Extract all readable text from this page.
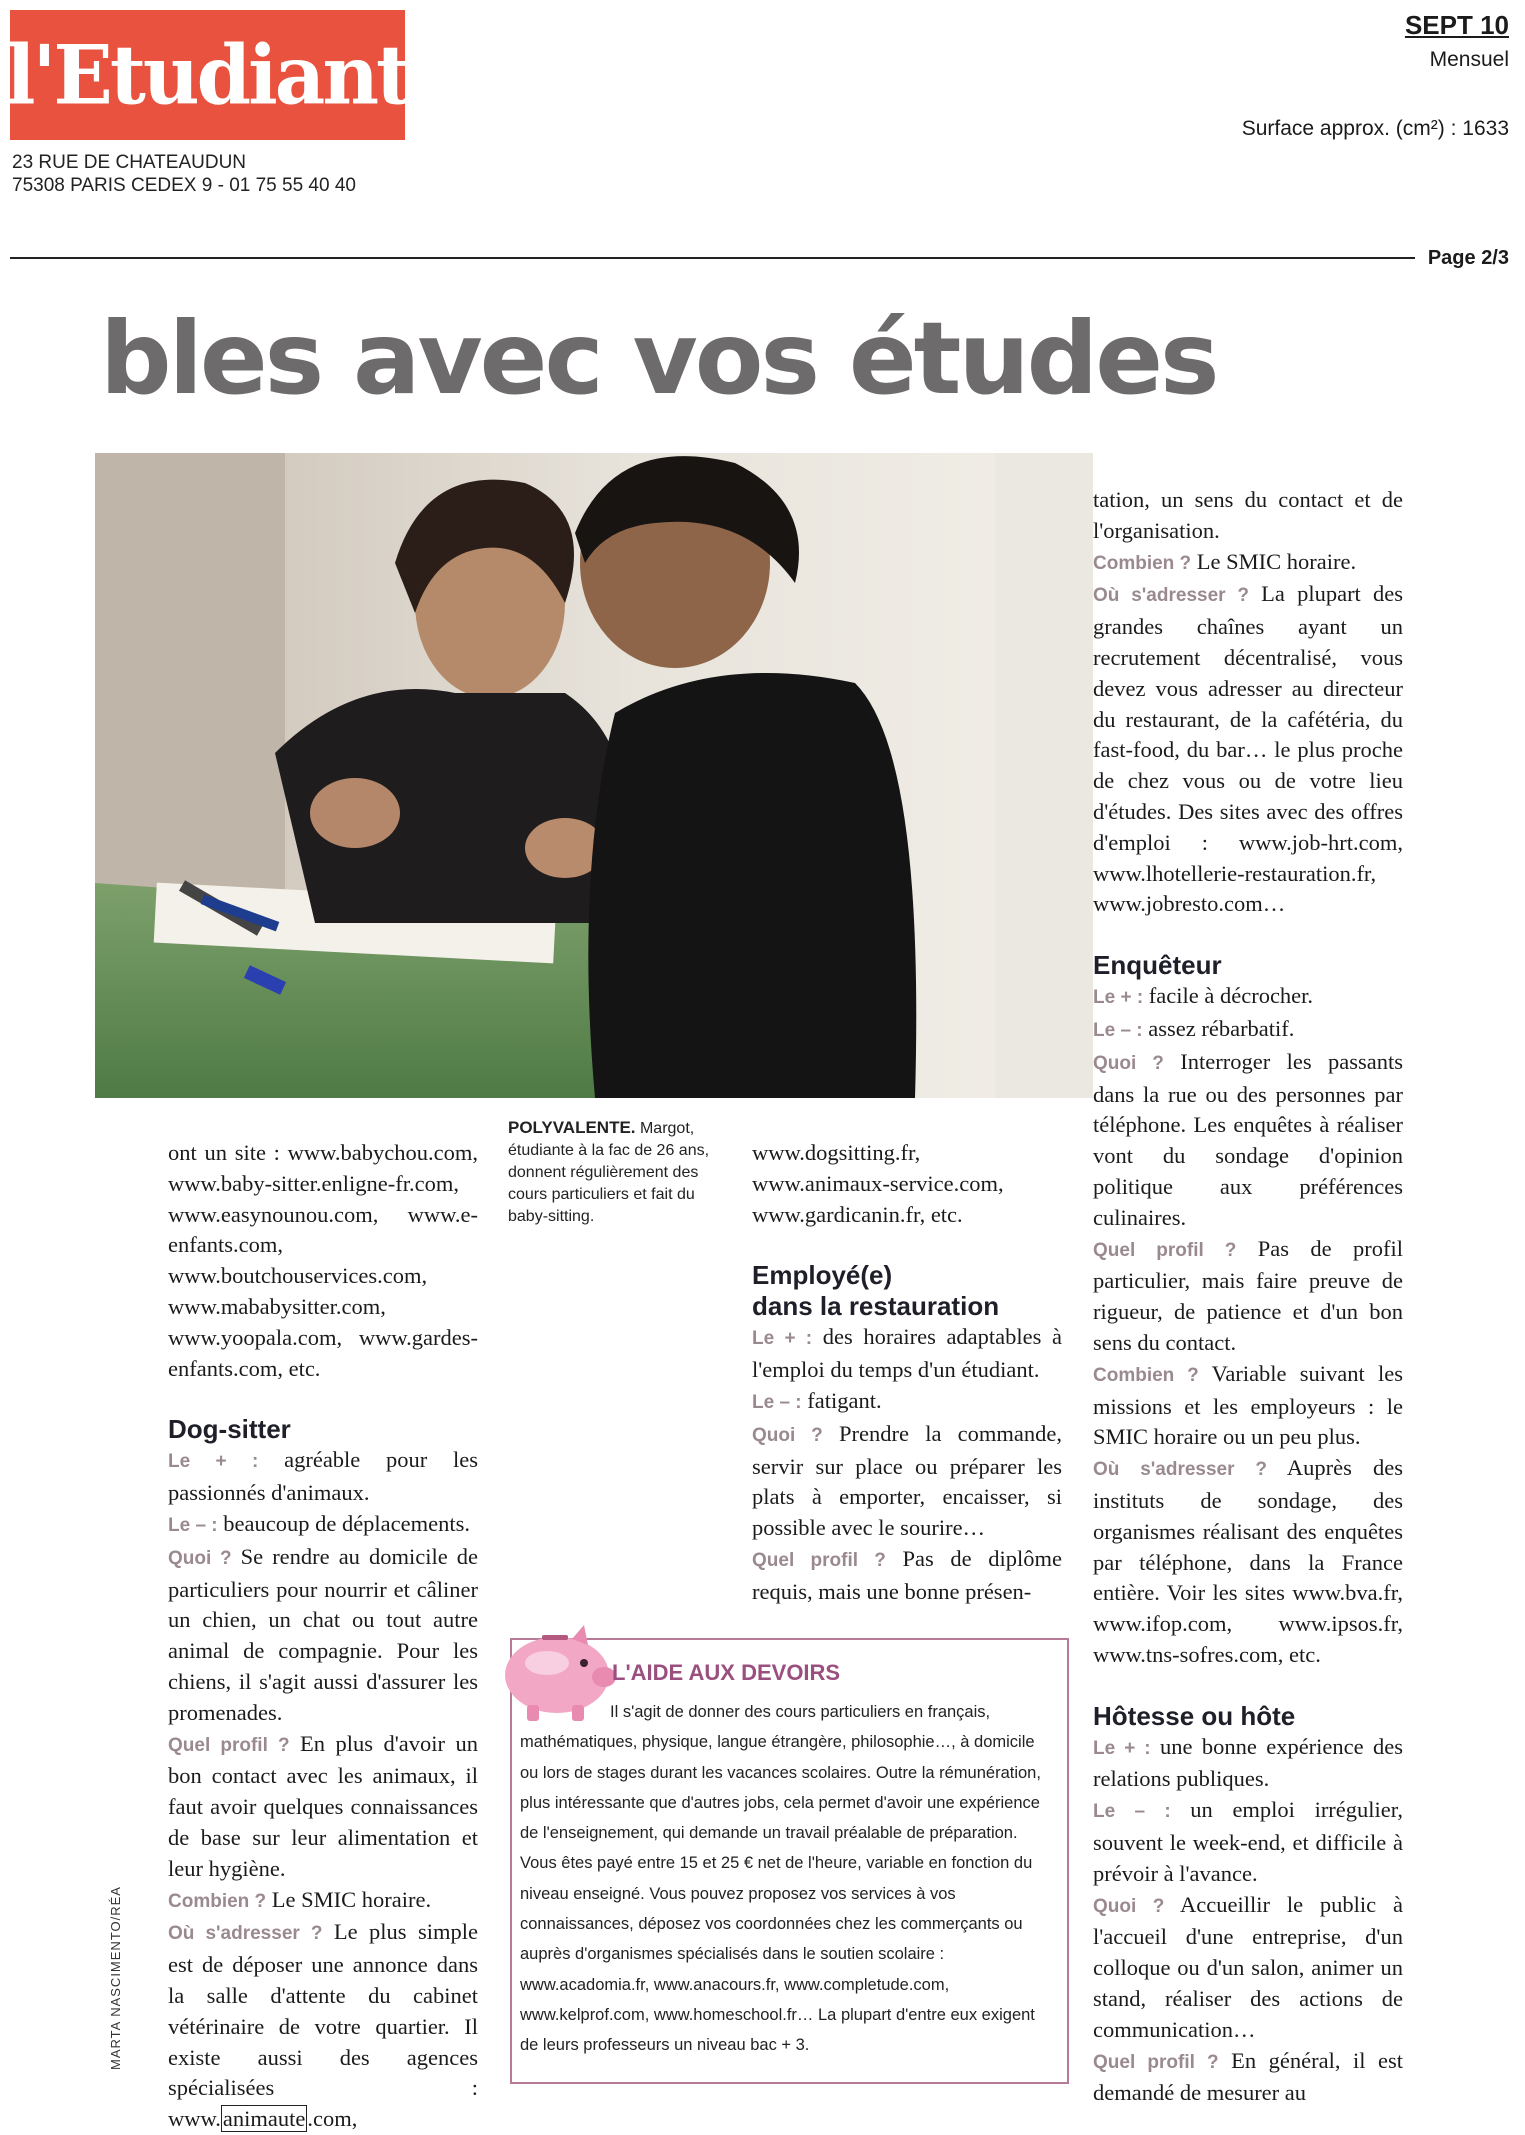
l'Etudiant
23 RUE DE CHATEAUDUN
75308 PARIS CEDEX 9 - 01 75 55 40 40
SEPT 10
Mensuel
Surface approx. (cm²) : 1633
Page 2/3
bles avec vos études
MARTA NASCIMENTO/RÉA
POLYVALENTE. Margot, étudiante à la fac de 26 ans, donnent régulièrement des cours particuliers et fait du baby-sitting.

ont un site : www.babychou.com, www.baby-sitter.enligne-fr.com, www.easynounou.com, www.e-enfants.com, www.boutchouservices.com, www.mababysitter.com, www.yoopala.com, www.gardes-enfants.com, etc.

Dog-sitter

Le + : agréable pour les passionnés d'animaux.

Le – : beaucoup de déplacements.

Quoi ? Se rendre au domicile de particuliers pour nourrir et câliner un chien, un chat ou tout autre animal de compagnie. Pour les chiens, il s'agit aussi d'assurer les promenades.

Quel profil ? En plus d'avoir un bon contact avec les animaux, il faut avoir quelques connaissances de base sur leur alimentation et leur hygiène.

Combien ? Le SMIC horaire.

Où s'adresser ? Le plus simple est de déposer une annonce dans la salle d'attente du cabinet vétérinaire de votre quartier. Il existe aussi des agences spécialisées : www.animaute.com,

www.dogsitting.fr, www.animaux-service.com, www.gardicanin.fr, etc.

Employé(e)

dans la restauration

Le + : des horaires adaptables à l'emploi du temps d'un étudiant.

Le – : fatigant.

Quoi ? Prendre la commande, servir sur place ou préparer les plats à emporter, encaisser, si possible avec le sourire…

Quel profil ? Pas de diplôme requis, mais une bonne présen-

tation, un sens du contact et de l'organisation.

Combien ? Le SMIC horaire.

Où s'adresser ? La plupart des grandes chaînes ayant un recrutement décentralisé, vous devez vous adresser au directeur du restaurant, de la cafétéria, du fast-food, du bar… le plus proche de chez vous ou de votre lieu d'études. Des sites avec des offres d'emploi : www.job-hrt.com, www.lhotellerie-restauration.fr, www.jobresto.com…

Enquêteur

Le + : facile à décrocher.

Le – : assez rébarbatif.

Quoi ? Interroger les passants dans la rue ou des personnes par téléphone. Les enquêtes à réaliser vont du sondage d'opinion politique aux préférences culinaires.

Quel profil ? Pas de profil particulier, mais faire preuve de rigueur, de patience et d'un bon sens du contact.

Combien ? Variable suivant les missions et les employeurs : le SMIC horaire ou un peu plus.

Où s'adresser ? Auprès des instituts de sondage, des organismes réalisant des enquêtes par téléphone, dans la France entière. Voir les sites www.bva.fr, www.ifop.com, www.ipsos.fr, www.tns-sofres.com, etc.

Hôtesse ou hôte

Le + : une bonne expérience des relations publiques.

Le – : un emploi irrégulier, souvent le week-end, et difficile à prévoir à l'avance.

Quoi ? Accueillir le public à l'accueil d'une entreprise, d'un colloque ou d'un salon, animer un stand, réaliser des actions de communication…

Quel profil ? En général, il est demandé de mesurer au

L'AIDE AUX DEVOIRS
Il s'agit de donner des cours particuliers en français, mathématiques, physique, langue étrangère, philosophie…, à domicile ou lors de stages durant les vacances scolaires. Outre la rémunération, plus intéressante que d'autres jobs, cela permet d'avoir une expérience de l'enseignement, qui demande un travail préalable de préparation. Vous êtes payé entre 15 et 25 € net de l'heure, variable en fonction du niveau enseigné. Vous pouvez proposez vos services à vos connaissances, déposez vos coordonnées chez les commerçants ou auprès d'organismes spécialisés dans le soutien scolaire : www.acadomia.fr, www.anacours.fr, www.completude.com, www.kelprof.com, www.homeschool.fr… La plupart d'entre eux exigent de leurs professeurs un niveau bac + 3.
